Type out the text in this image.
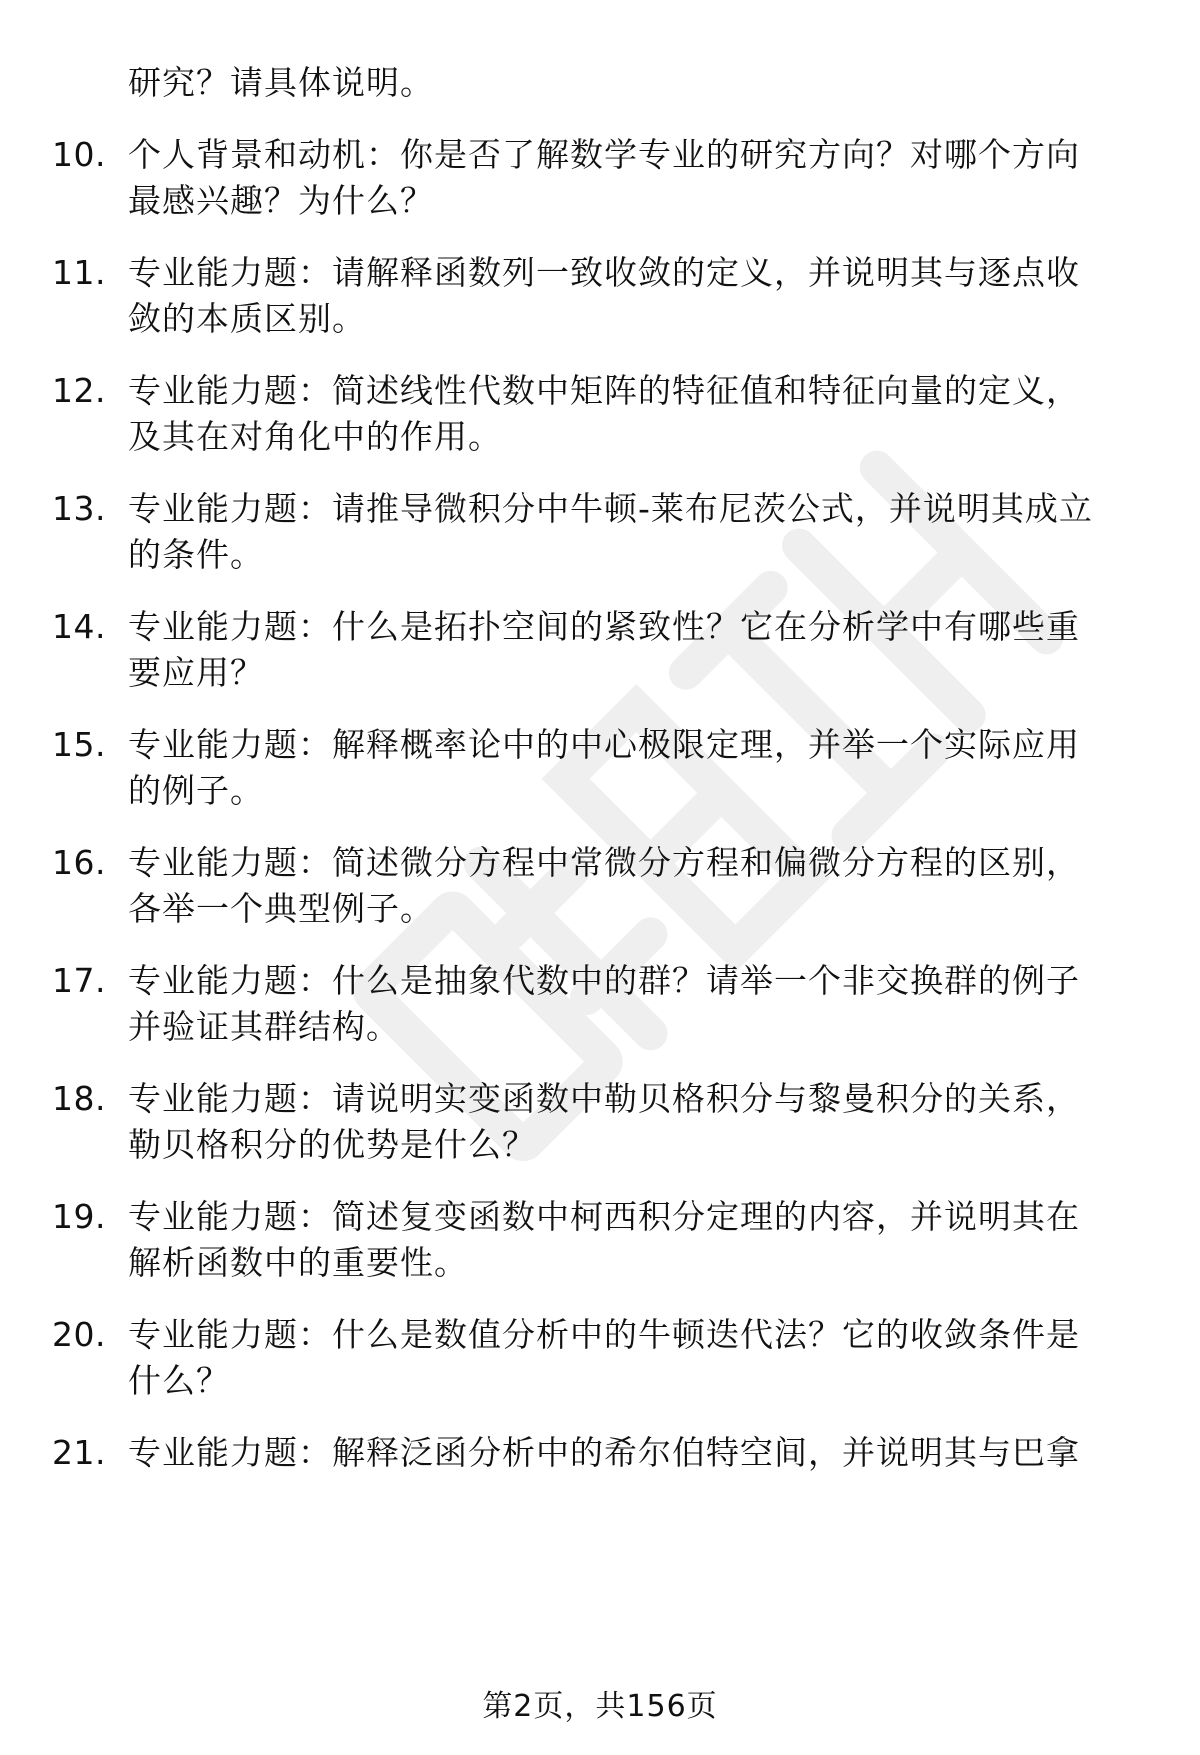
研究？请具体说明。
10. 个人背景和动机：你是否了解数学专业的研究方向？对哪个方向
最感兴趣？为什么？
11. 专业能力题：请解释函数列一致收敛的定义，并说明其与逐点收
敛的本质区别。
12. 专业能力题：简述线性代数中矩阵的特征值和特征向量的定义，
及其在对角化中的作用。
13. 专业能力题：请推导微积分中牛顿-莱布尼茨公式，并说明其成立
的条件。
14. 专业能力题：什么是拓扑空间的紧致性？它在分析学中有哪些重
要应用？
15. 专业能力题：解释概率论中的中心极限定理，并举一个实际应用
的例子。
16. 专业能力题：简述微分方程中常微分方程和偏微分方程的区别，
各举一个典型例子。
17. 专业能力题：什么是抽象代数中的群？请举一个非交换群的例子
并验证其群结构。
18. 专业能力题：请说明实变函数中勒贝格积分与黎曼积分的关系，
勒贝格积分的优势是什么？
19. 专业能力题：简述复变函数中柯西积分定理的内容，并说明其在
解析函数中的重要性。
20. 专业能力题：什么是数值分析中的牛顿迭代法？它的收敛条件是
什么？
21. 专业能力题：解释泛函分析中的希尔伯特空间，并说明其与巴拿
第2页，共156页
